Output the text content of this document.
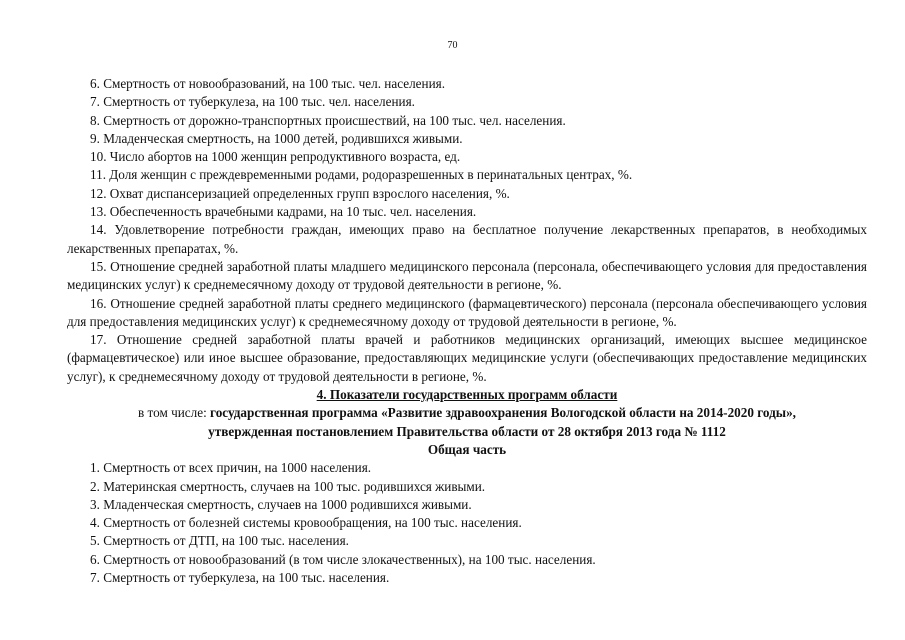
70

6. Смертность от новообразований, на 100 тыс. чел. населения.

7. Смертность от туберкулеза, на 100 тыс. чел. населения.

8. Смертность от дорожно-транспортных происшествий, на 100 тыс. чел. населения.

9. Младенческая смертность, на 1000 детей, родившихся живыми.

10. Число абортов на 1000 женщин репродуктивного возраста, ед.

11. Доля женщин с преждевременными родами, родоразрешенных в перинатальных центрах, %.

12. Охват диспансеризацией определенных групп взрослого населения, %.

13. Обеспеченность врачебными кадрами, на 10 тыс. чел. населения.

14. Удовлетворение потребности граждан, имеющих право на бесплатное получение лекарственных препаратов, в необходимых лекарственных препаратах, %.

15. Отношение средней заработной платы младшего медицинского персонала (персонала, обеспечивающего условия для предоставления медицинских услуг) к среднемесячному доходу от трудовой деятельности в регионе, %.

16. Отношение средней заработной платы среднего медицинского (фармацевтического) персонала (персонала обеспечивающего условия для предоставления медицинских услуг) к среднемесячному доходу от трудовой деятельности в регионе, %.

17. Отношение средней заработной платы врачей и работников медицинских организаций, имеющих высшее медицинское (фармацевтическое) или иное высшее образование, предоставляющих медицинские услуги (обеспечивающих предоставление медицинских услуг), к среднемесячному доходу от трудовой деятельности в регионе, %.

4. Показатели государственных программ области

в том числе: государственная программа «Развитие здравоохранения Вологодской области на 2014-2020 годы»,

утвержденная постановлением Правительства области от 28 октября 2013 года № 1112

Общая часть

1. Смертность от всех причин, на 1000 населения.

2. Материнская смертность, случаев на 100 тыс. родившихся живыми.

3. Младенческая смертность, случаев на 1000 родившихся живыми.

4. Смертность от болезней системы кровообращения, на 100 тыс. населения.

5. Смертность от ДТП, на 100 тыс. населения.

6. Смертность от новообразований (в том числе злокачественных), на 100 тыс. населения.

7. Смертность от туберкулеза, на 100 тыс. населения.
